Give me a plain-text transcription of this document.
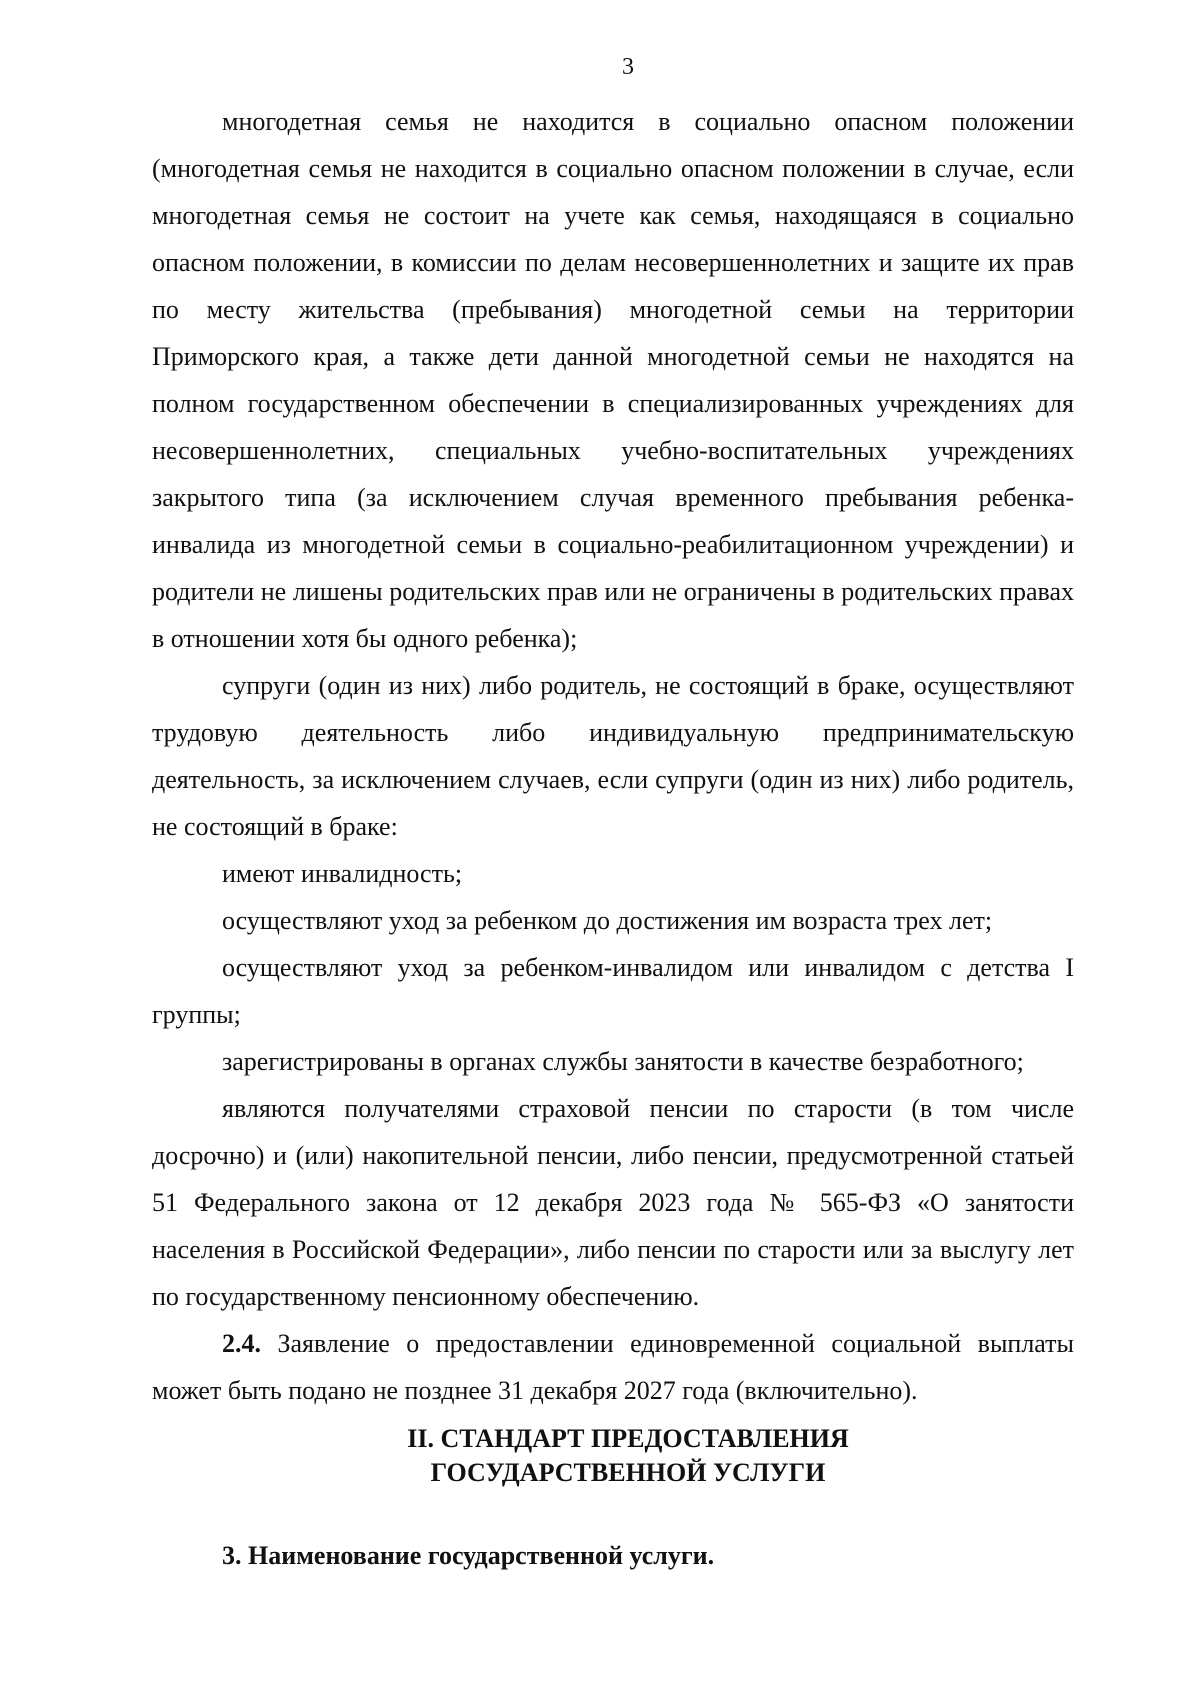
3

многодетная семья не находится в социально опасном положении (многодетная семья не находится в социально опасном положении в случае, если многодетная семья не состоит на учете как семья, находящаяся в социально опасном положении, в комиссии по делам несовершеннолетних и защите их прав по месту жительства (пребывания) многодетной семьи на территории Приморского края, а также дети данной многодетной семьи не находятся на полном государственном обеспечении в специализированных учреждениях для несовершеннолетних, специальных учебно-воспитательных учреждениях закрытого типа (за исключением случая временного пребывания ребенка-инвалида из многодетной семьи в социально-реабилитационном учреждении) и родители не лишены родительских прав или не ограничены в родительских правах в отношении хотя бы одного ребенка);

супруги (один из них) либо родитель, не состоящий в браке, осуществляют трудовую деятельность либо индивидуальную предпринимательскую деятельность, за исключением случаев, если супруги (один из них) либо родитель, не состоящий в браке:

имеют инвалидность;

осуществляют уход за ребенком до достижения им возраста трех лет;

осуществляют уход за ребенком-инвалидом или инвалидом с детства I группы;

зарегистрированы в органах службы занятости в качестве безработного;

являются получателями страховой пенсии по старости (в том числе досрочно) и (или) накопительной пенсии, либо пенсии, предусмотренной статьей 51 Федерального закона от 12 декабря 2023 года № 565-ФЗ «О занятости населения в Российской Федерации», либо пенсии по старости или за выслугу лет по государственному пенсионному обеспечению.

2.4. Заявление о предоставлении единовременной социальной выплаты может быть подано не позднее 31 декабря 2027 года (включительно).

II. СТАНДАРТ ПРЕДОСТАВЛЕНИЯ
ГОСУДАРСТВЕННОЙ УСЛУГИ

3. Наименование государственной услуги.
